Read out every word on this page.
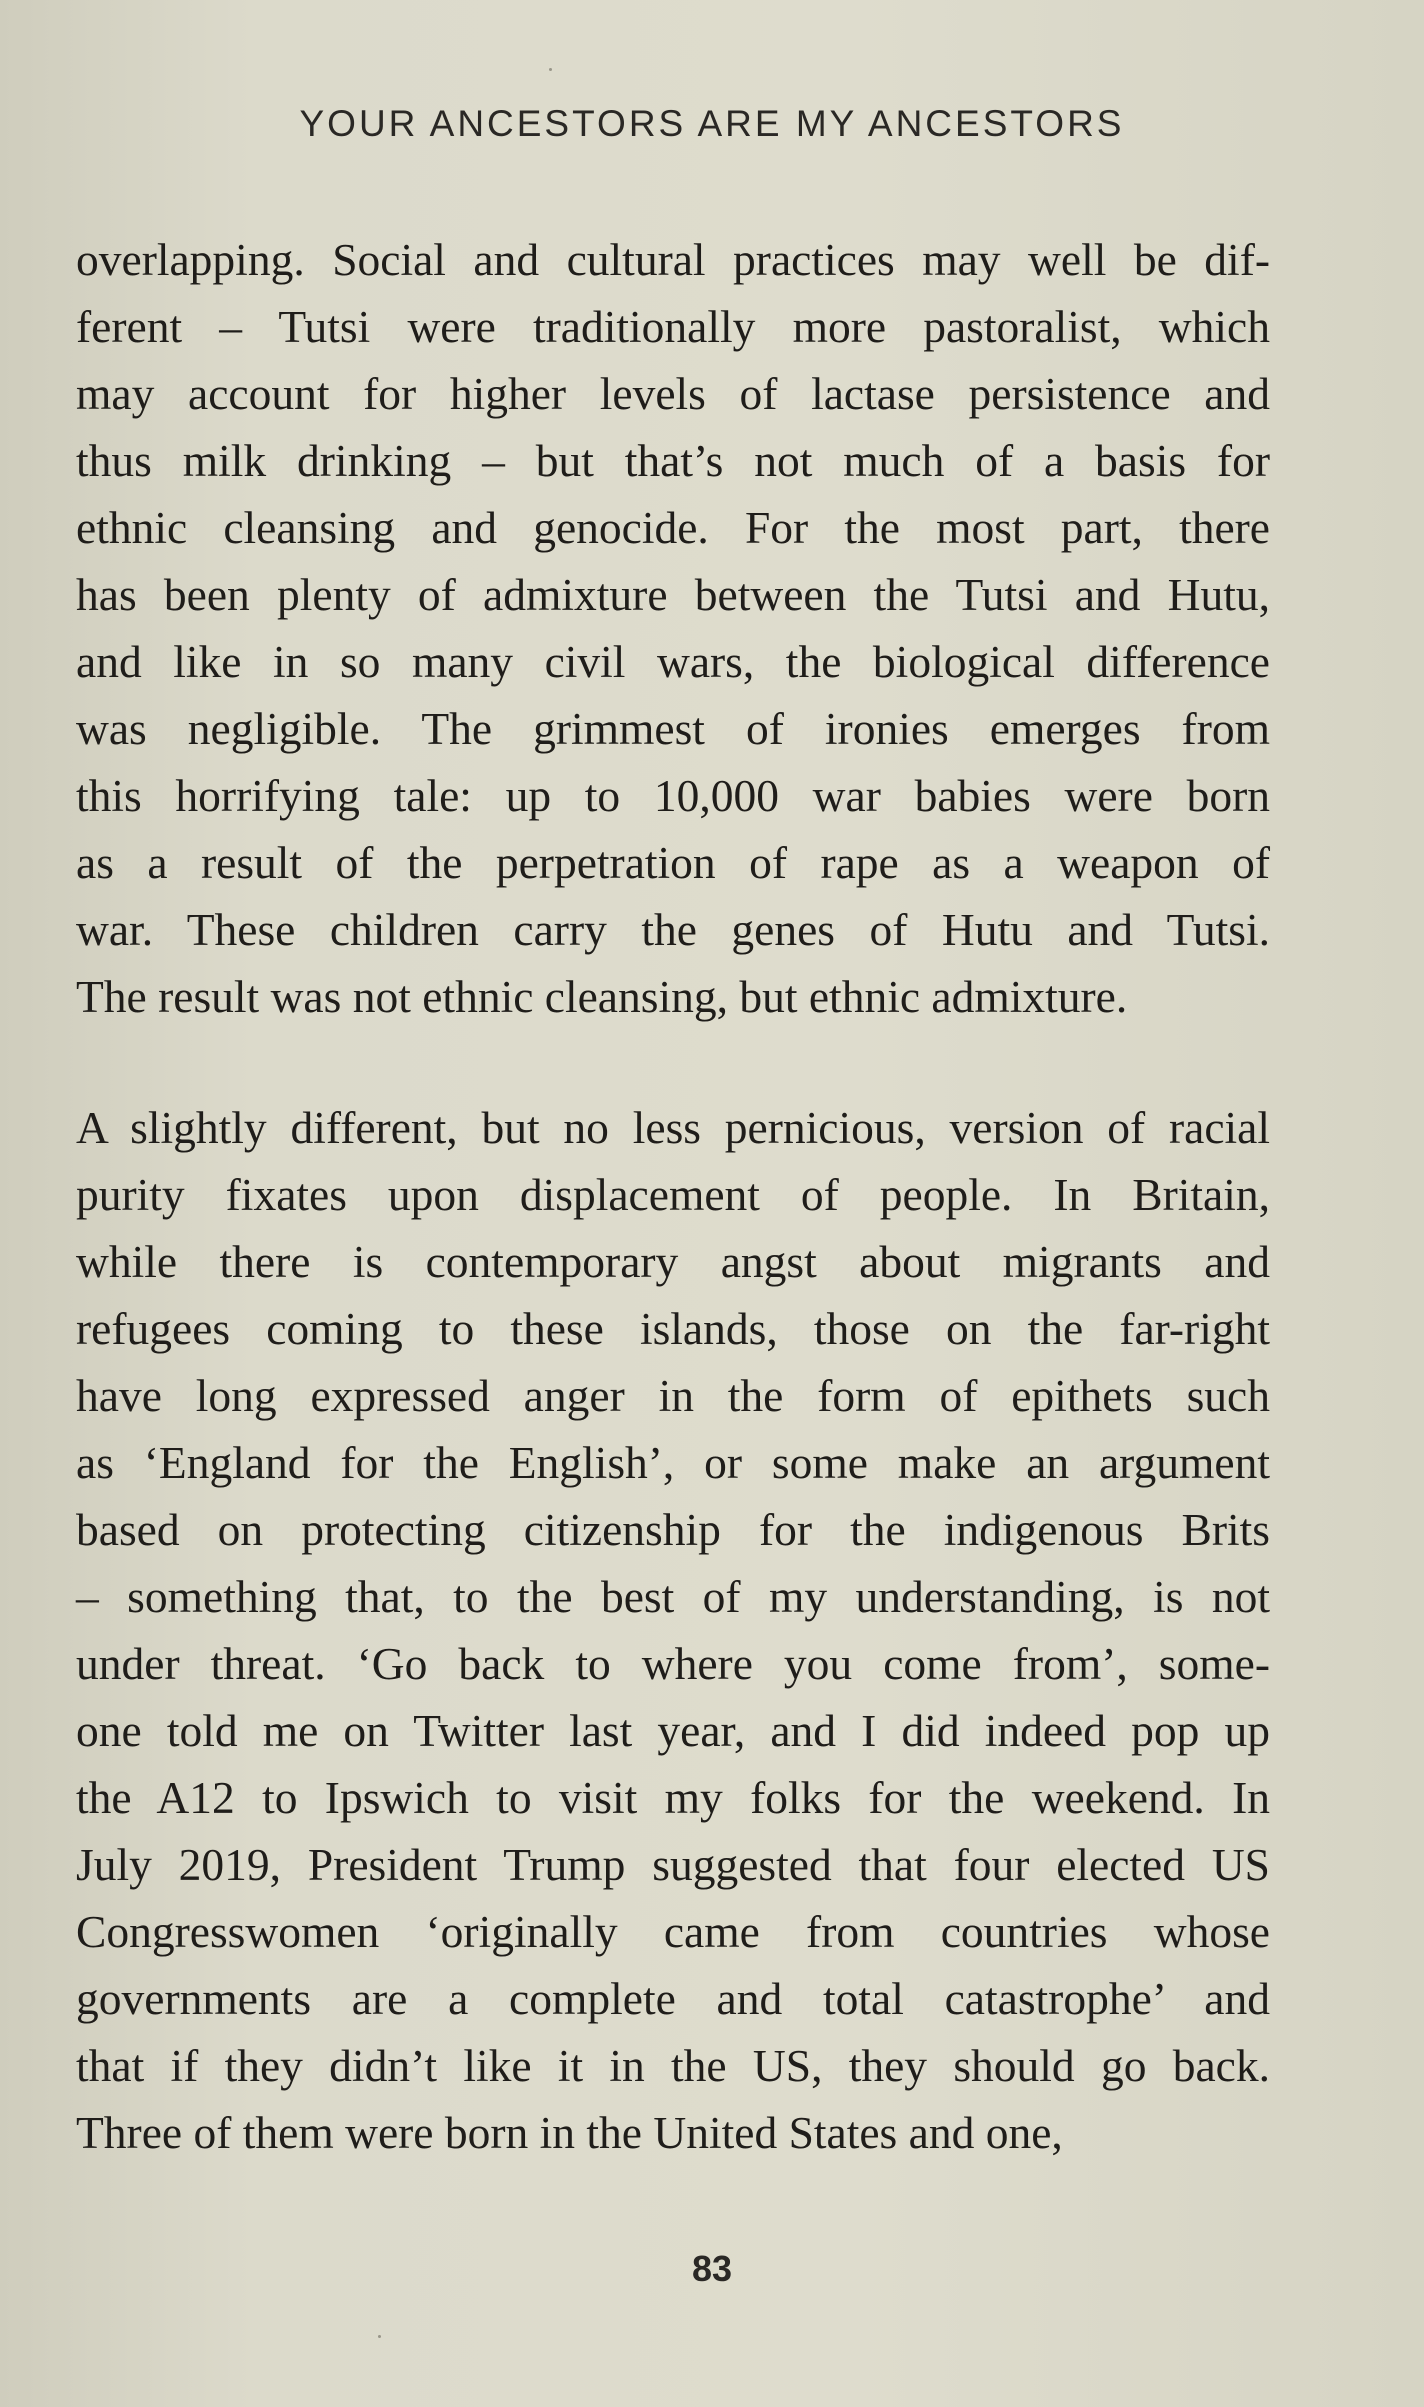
YOUR ANCESTORS ARE MY ANCESTORS
overlapping. Social and cultural practices may well be dif-
ferent – Tutsi were traditionally more pastoralist, which
may account for higher levels of lactase persistence and
thus milk drinking – but that’s not much of a basis for
ethnic cleansing and genocide. For the most part, there
has been plenty of admixture between the Tutsi and Hutu,
and like in so many civil wars, the biological difference
was negligible. The grimmest of ironies emerges from
this horrifying tale: up to 10,000 war babies were born
as a result of the perpetration of rape as a weapon of
war. These children carry the genes of Hutu and Tutsi.
The result was not ethnic cleansing, but ethnic admixture.
A slightly different, but no less pernicious, version of racial
purity fixates upon displacement of people. In Britain,
while there is contemporary angst about migrants and
refugees coming to these islands, those on the far-right
have long expressed anger in the form of epithets such
as ‘England for the English’, or some make an argument
based on protecting citizenship for the indigenous Brits
– something that, to the best of my understanding, is not
under threat. ‘Go back to where you come from’, some-
one told me on Twitter last year, and I did indeed pop up
the A12 to Ipswich to visit my folks for the weekend. In
July 2019, President Trump suggested that four elected US
Congresswomen ‘originally came from countries whose
governments are a complete and total catastrophe’ and
that if they didn’t like it in the US, they should go back.
Three of them were born in the United States and one,
83
